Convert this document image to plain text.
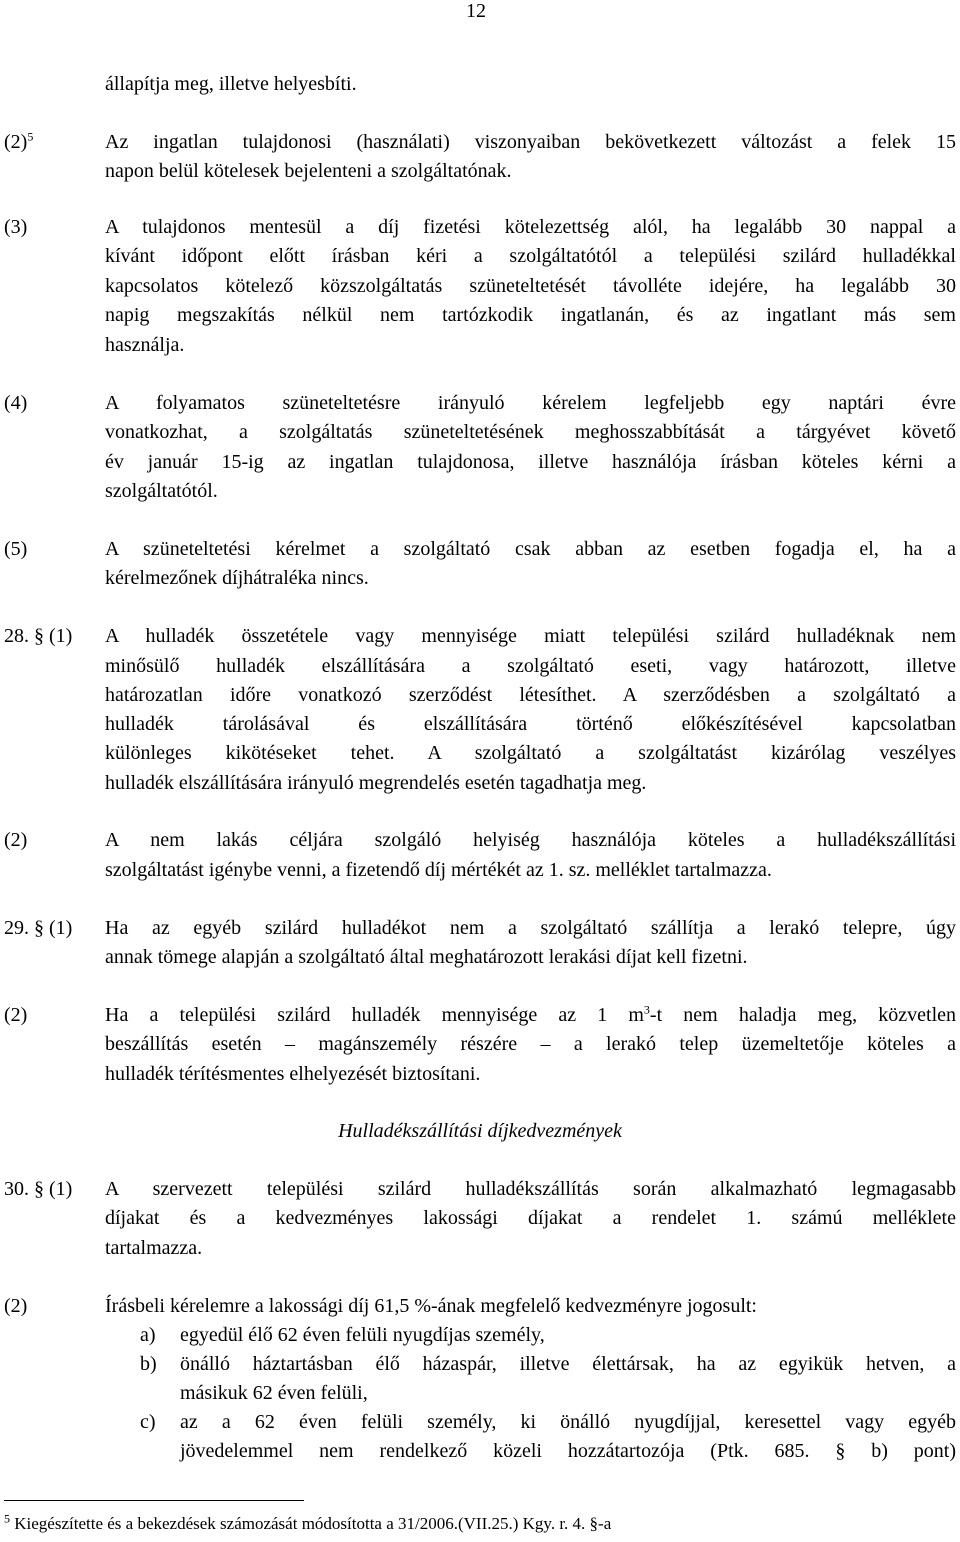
12
állapítja meg, illetve helyesbíti.
$(2)^5$	Az ingatlan tulajdonosi (használati) viszonyaiban bekövetkezett változást a felek 15
napon belül kötelesek bejelenteni a szolgáltatónak.
(3)	A tulajdonos mentesül a díj fizetési kötelezettség alól, ha legalább 30 nappal a
kívánt időpont előtt írásban kéri a szolgáltatótól a települési szilárd hulladékkal
kapcsolatos kötelező közszolgáltatás szüneteltetését távolléte idejére, ha legalább 30
napig megszakítás nélkül nem tartózkodik ingatlanán, és az ingatlant más sem
használja.
(4)	A folyamatos szüneteltetésre irányuló kérelem legfeljebb egy naptári évre
vonatkozhat, a szolgáltatás szüneteltetésének meghosszabbítását a tárgyévet követő
év január 15-ig az ingatlan tulajdonosa, illetve használója írásban köteles kérni a
szolgáltatótól.
(5)	A szüneteltetési kérelmet a szolgáltató csak abban az esetben fogadja el, ha a
kérelmezőnek díjhátraléka nincs.
28. § (1) A hulladék összetétele vagy mennyisége miatt települési szilárd hulladéknak nem
minősülő hulladék elszállítására a szolgáltató eseti, vagy határozott, illetve
határozatlan időre vonatkozó szerződést létesíthet. A szerződésben a szolgáltató a
hulladék tárolásával és elszállítására történő előkészítésével kapcsolatban
különleges kikötéseket tehet. A szolgáltató a szolgáltatást kizárólag veszélyes
hulladék elszállítására irányuló megrendelés esetén tagadhatja meg.
(2)	A nem lakás céljára szolgáló helyiség használója köteles a hulladékszállítási
szolgáltatást igénybe venni, a fizetendő díj mértékét az 1. sz. melléklet tartalmazza.
29. § (1) Ha az egyéb szilárd hulladékot nem a szolgáltató szállítja a lerakó telepre, úgy
annak tömege alapján a szolgáltató által meghatározott lerakási díjat kell fizetni.
(2)	Ha a települési szilárd hulladék mennyisége az 1 $m^3-t$ nem haladja meg, közvetlen
beszállítás esetén – magánszemély részére – a lerakó telep üzemeltetője köteles a
hulladék térítésmentes elhelyezését biztosítani.
Hulladékszállítási díjkedvezmények
30. § (1) A szervezett települési szilárd hulladékszállítás során alkalmazható legmagasabb
díjakat és a kedvezményes lakossági díjakat a rendelet 1. számú melléklete
tartalmazza.
(2)	Írásbeli kérelemre a lakossági díj 61,5 %-ának megfelelő kedvezményre jogosult:
a) egyedül élő 62 éven felüli nyugdíjas személy,
b) önálló háztartásban élő házaspár, illetve élettársak, ha az egyikük hetven, a
másikuk 62 éven felüli,
c) az a 62 éven felüli személy, ki önálló nyugdíjjal, keresettel vagy egyéb
jövedelemmel nem rendelkező közeli hozzátartozója (Ptk. 685. § b) pont)
$^5$ Kiegészítette és a bekezdések számozását módosította a 31/2006.(VII.25.) Kgy. r. 4. §-a
